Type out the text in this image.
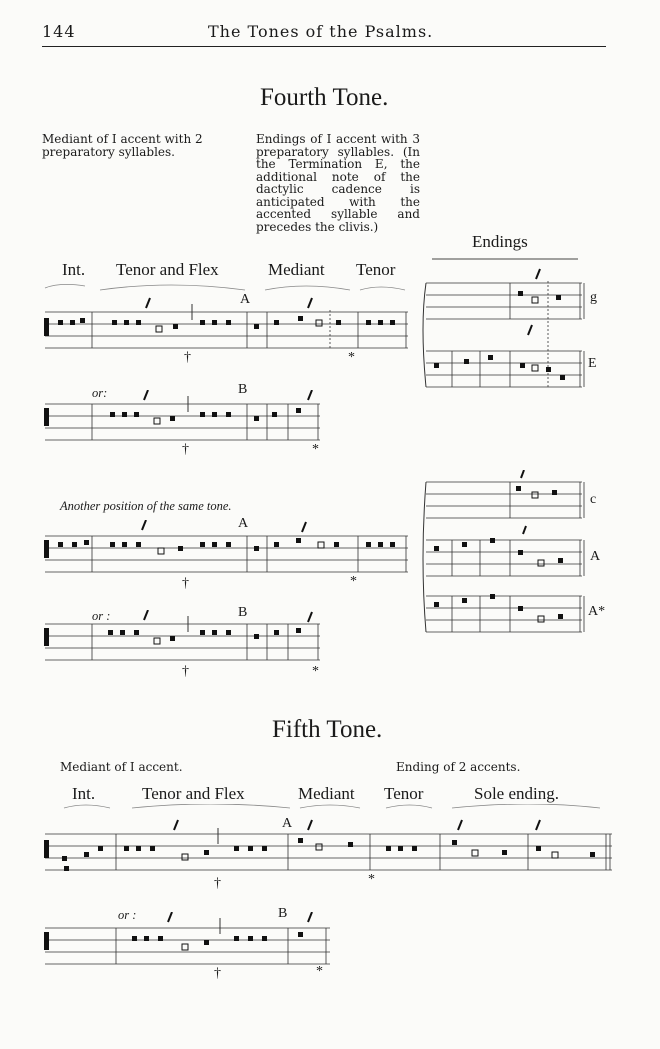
144	The Tones of the Psalms.
Fourth Tone.
Mediant of I accent with 2 preparatory syllables.
Endings of I accent with 3 preparatory syllables. (In the Termination E, the additional note of the dactylic cadence is anticipated with the accented syllable and precedes the clivis.)
Endings
Int. Tenor and Flex	Mediant Tenor
A
†	*
g
E
or:	B
†	*
Another position of the same tone.
A
†	*
c
A
A*
or :	B
†	*
Fifth Tone.
Mediant of I accent.	Ending of 2 accents.
Int.	Tenor and Flex	Mediant Tenor	Sole ending.
A
†	*
or :	B
†	*
